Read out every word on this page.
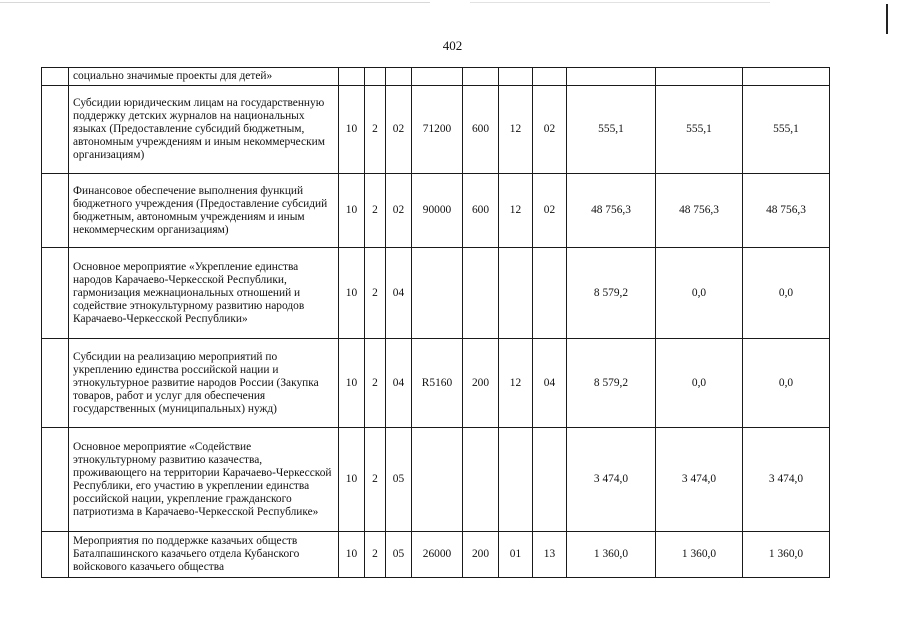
402
	социально значимые проекты для детей»										
	Субсидии юридическим лицам на государственную поддержку детских журналов на национальных языках (Предоставление субсидий бюджетным, автономным учреждениям и иным некоммерческим организациям)	10	2	02	71200	600	12	02	555,1	555,1	555,1
	Финансовое обеспечение выполнения функций бюджетного учреждения (Предоставление субсидий бюджетным, автономным учреждениям и иным некоммерческим организациям)	10	2	02	90000	600	12	02	48 756,3	48 756,3	48 756,3
	Основное мероприятие «Укрепление единства народов Карачаево-Черкесской Республики, гармонизация межнациональных отношений и содействие этнокультурному развитию народов Карачаево-Черкесской Республики»	10	2	04					8 579,2	0,0	0,0
	Субсидии на реализацию мероприятий по укреплению единства российской нации и этнокультурное развитие народов России (Закупка товаров, работ и услуг для обеспечения государственных (муниципальных) нужд)	10	2	04	R5160	200	12	04	8 579,2	0,0	0,0
	Основное мероприятие «Содействие этнокультурному развитию казачества, проживающего на территории Карачаево-Черкесской Республики, его участию в укреплении единства российской нации, укрепление гражданского патриотизма в Карачаево-Черкесской Республике»	10	2	05					3 474,0	3 474,0	3 474,0
	Мероприятия по поддержке казачьих обществ Баталпашинского казачьего отдела Кубанского войскового казачьего общества	10	2	05	26000	200	01	13	1 360,0	1 360,0	1 360,0
